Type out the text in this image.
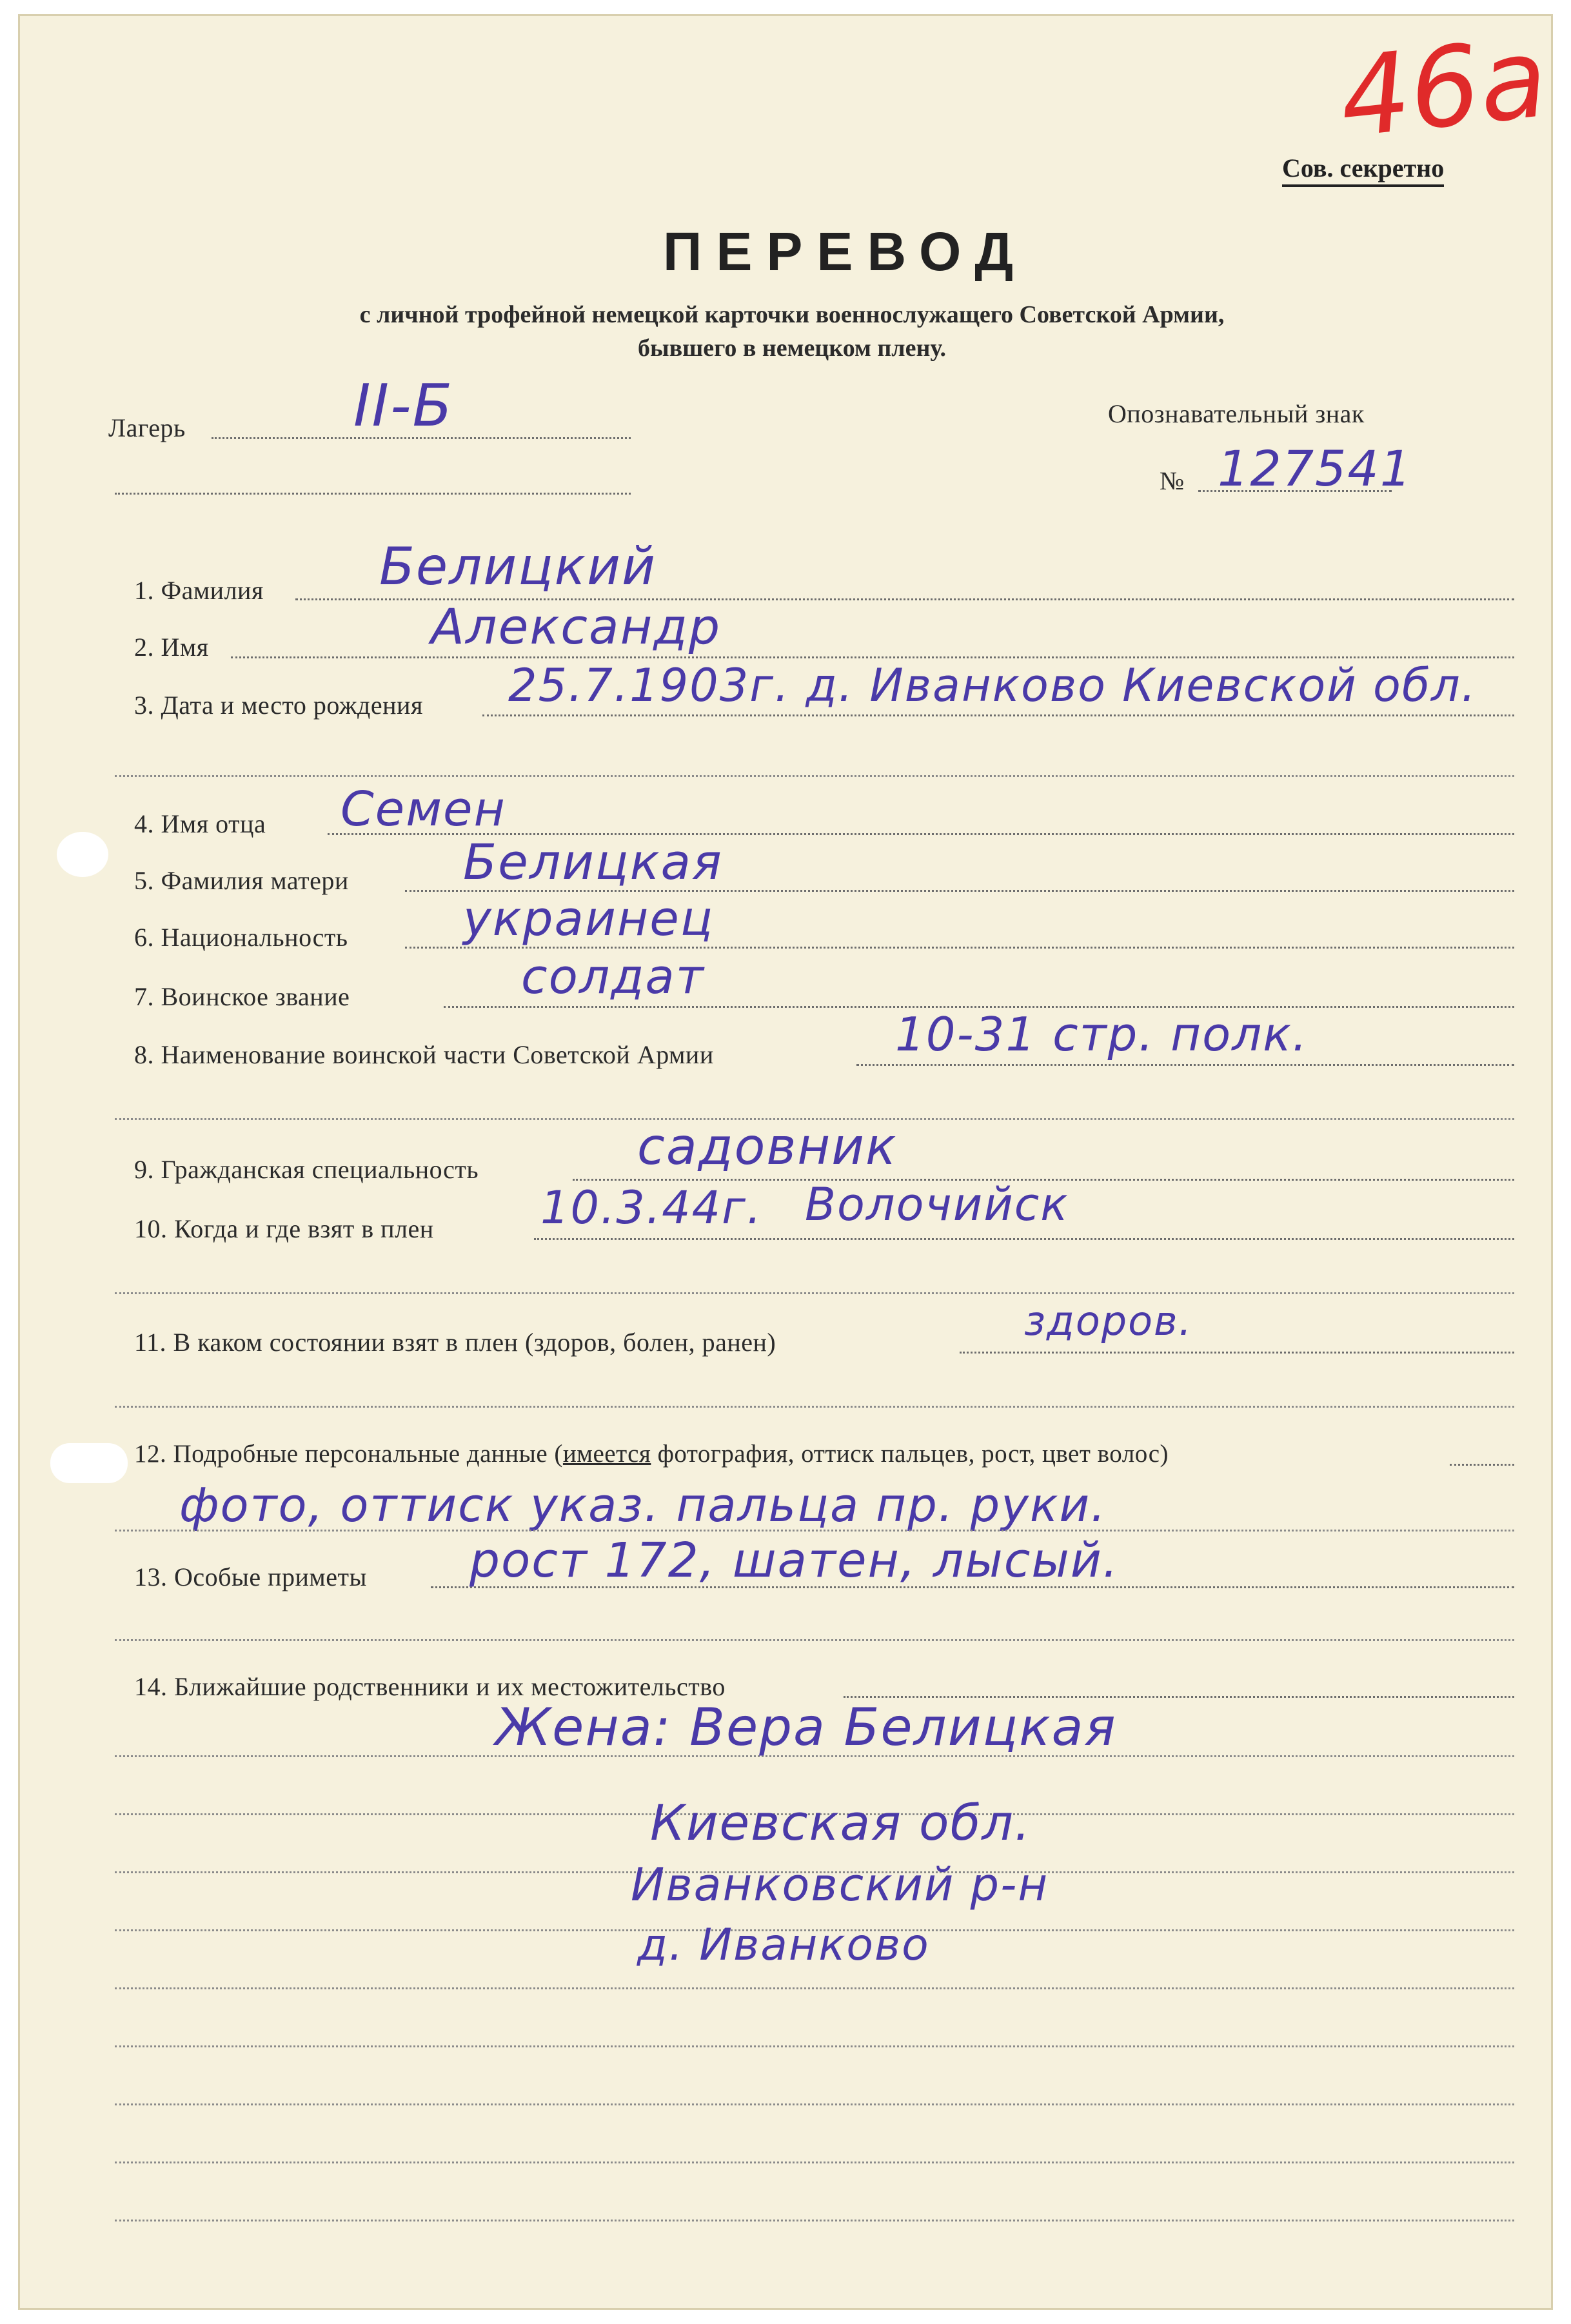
46a
Сов. секретно
ПЕРЕВОД
с личной трофейной немецкой карточки военнослужащего Советской Армии,
бывшего в немецком плену.
Лагерь	II-Б	Опознавательный знак
№ 127541
1. Фамилия Белицкий
2. Имя	Александр
3. Дата и место рождения 25.7.1903г. д. Иванково Киевской обл.
4. Имя отца Семен
5. Фамилия матери Белицкая
6. Национальность украинец
7. Воинское звание	солдат
8. Наименование воинской части Советской Армии	10-31 стр. полк.
9. Гражданская специальность	садовник
10. Когда и где взят в плен 10.3.44г. Волочийск
11. В каком состоянии взят в плен (здоров, болен, ранен)	здоров.
12. Подробные персональные данные (имеется фотография, оттиск пальцев, рост, цвет волос)
фото, оттиск указ. пальца пр. руки.
13. Особые приметы рост 172, шатен, лысый.
14. Ближайшие родственники и их местожительство
Жена: Вера Белицкая
Киевская обл.
Иванковский р-н
д. Иванково
